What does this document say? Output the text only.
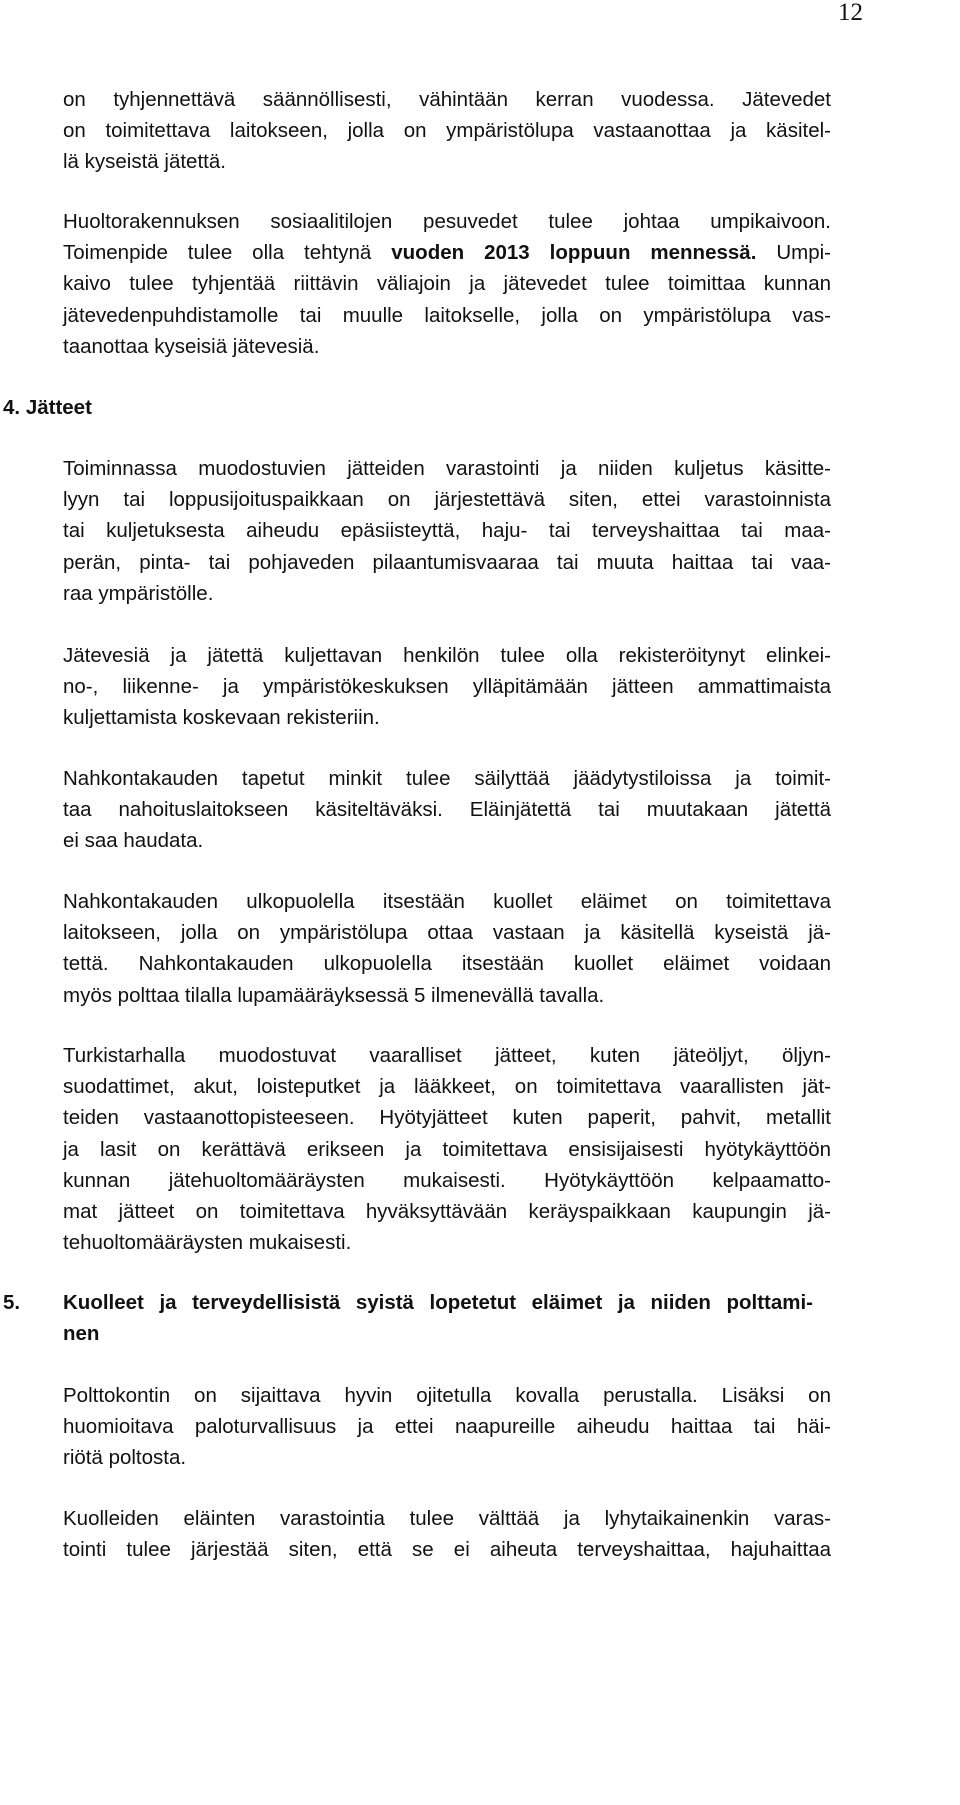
12
on tyhjennettävä säännöllisesti, vähintään kerran vuodessa. Jätevedet
on toimitettava laitokseen, jolla on ympäristölupa vastaanottaa ja käsitel-
lä kyseistä jätettä.
Huoltorakennuksen sosiaalitilojen pesuvedet tulee johtaa umpikaivoon.
Toimenpide tulee olla tehtynä vuoden 2013 loppuun mennessä. Umpi-
kaivo tulee tyhjentää riittävin väliajoin ja jätevedet tulee toimittaa kunnan
jätevedenpuhdistamolle tai muulle laitokselle, jolla on ympäristölupa vas-
taanottaa kyseisiä jätevesiä.
4. Jätteet
Toiminnassa muodostuvien jätteiden varastointi ja niiden kuljetus käsitte-
lyyn tai loppusijoituspaikkaan on järjestettävä siten, ettei varastoinnista
tai kuljetuksesta aiheudu epäsiisteyttä, haju- tai terveyshaittaa tai maa-
perän, pinta- tai pohjaveden pilaantumisvaaraa tai muuta haittaa tai vaa-
raa ympäristölle.
Jätevesiä ja jätettä kuljettavan henkilön tulee olla rekisteröitynyt elinkei-
no-, liikenne- ja ympäristökeskuksen ylläpitämään jätteen ammattimaista
kuljettamista koskevaan rekisteriin.
Nahkontakauden tapetut minkit tulee säilyttää jäädytystiloissa ja toimit-
taa nahoituslaitokseen käsiteltäväksi. Eläinjätettä tai muutakaan jätettä
ei saa haudata.
Nahkontakauden ulkopuolella itsestään kuollet eläimet on toimitettava
laitokseen, jolla on ympäristölupa ottaa vastaan ja käsitellä kyseistä jä-
tettä. Nahkontakauden ulkopuolella itsestään kuollet eläimet voidaan
myös polttaa tilalla lupamääräyksessä 5 ilmenevällä tavalla.
Turkistarhalla muodostuvat vaaralliset jätteet, kuten jäteöljyt, öljyn-
suodattimet, akut, loisteputket ja lääkkeet, on toimitettava vaarallisten jät-
teiden vastaanottopisteeseen. Hyötyjätteet kuten paperit, pahvit, metallit
ja lasit on kerättävä erikseen ja toimitettava ensisijaisesti hyötykäyttöön
kunnan jätehuoltomääräysten mukaisesti. Hyötykäyttöön kelpaamatto-
mat jätteet on toimitettava hyväksyttävään keräyspaikkaan kaupungin jä-
tehuoltomääräysten mukaisesti.
5. Kuolleet ja terveydellisistä syistä lopetetut eläimet ja niiden polttami-
nen
Polttokontin on sijaittava hyvin ojitetulla kovalla perustalla. Lisäksi on
huomioitava paloturvallisuus ja ettei naapureille aiheudu haittaa tai häi-
riötä poltosta.
Kuolleiden eläinten varastointia tulee välttää ja lyhytaikainenkin varas-
tointi tulee järjestää siten, että se ei aiheuta terveyshaittaa, hajuhaittaa
